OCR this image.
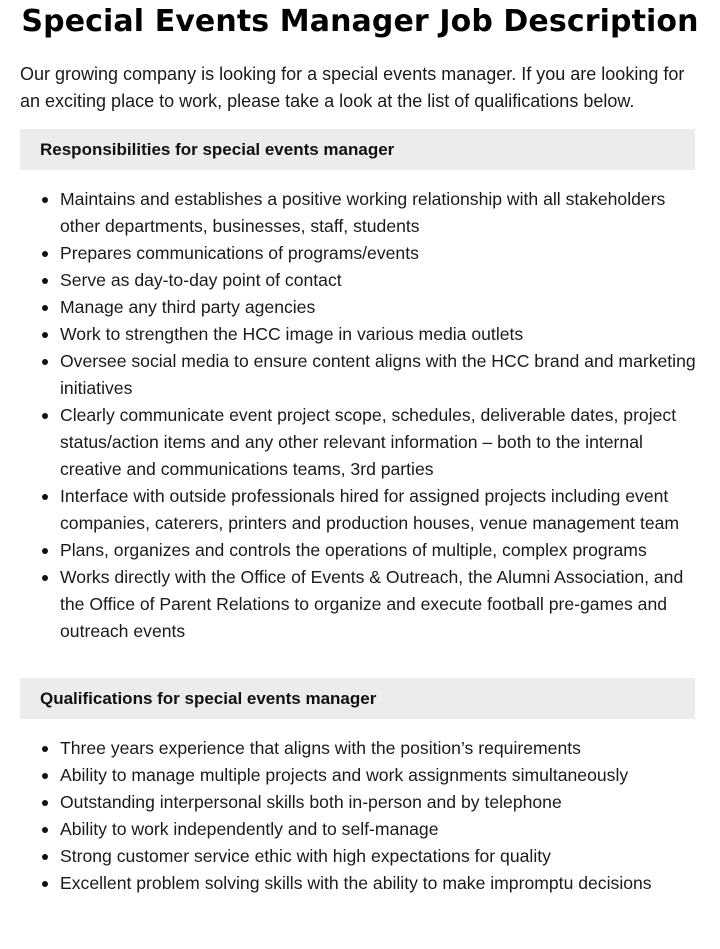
Special Events Manager Job Description

Our growing company is looking for a special events manager. If you are looking for an exciting place to work, please take a look at the list of qualifications below.

Responsibilities for special events manager
Maintains and establishes a positive working relationship with all stakeholders other departments, businesses, staff, students
Prepares communications of programs/events
Serve as day-to-day point of contact
Manage any third party agencies
Work to strengthen the HCC image in various media outlets
Oversee social media to ensure content aligns with the HCC brand and marketing initiatives
Clearly communicate event project scope, schedules, deliverable dates, project status/action items and any other relevant information – both to the internal creative and communications teams, 3rd parties
Interface with outside professionals hired for assigned projects including event companies, caterers, printers and production houses, venue management team
Plans, organizes and controls the operations of multiple, complex programs
Works directly with the Office of Events & Outreach, the Alumni Association, and the Office of Parent Relations to organize and execute football pre-games and outreach events
Qualifications for special events manager
Three years experience that aligns with the position’s requirements
Ability to manage multiple projects and work assignments simultaneously
Outstanding interpersonal skills both in-person and by telephone
Ability to work independently and to self-manage
Strong customer service ethic with high expectations for quality
Excellent problem solving skills with the ability to make impromptu decisions
